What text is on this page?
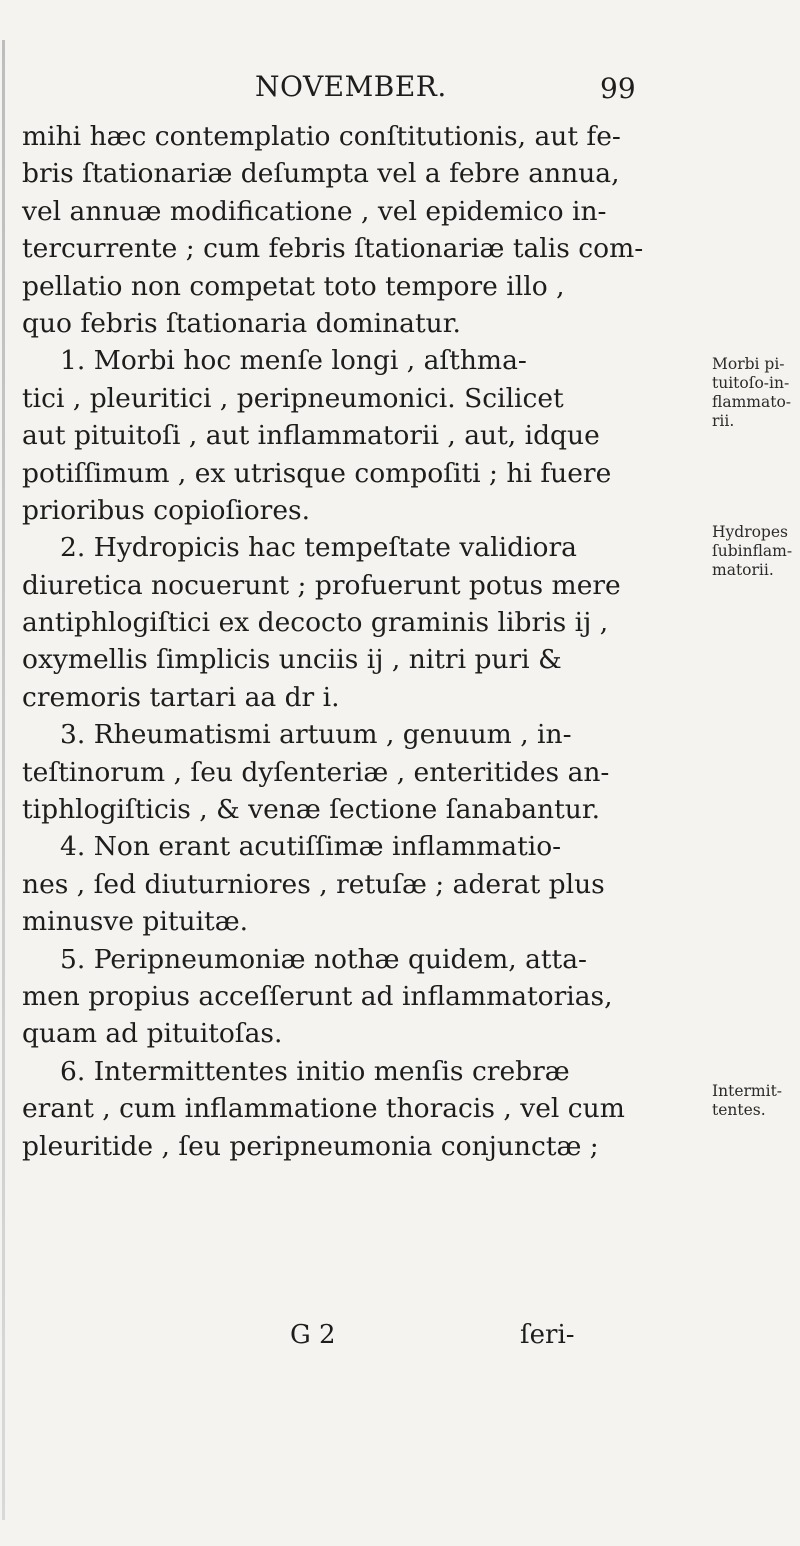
NOVEMBER.	99
mihi hæc contemplatio conſtitutionis, aut fe-
bris ſtationariæ deſumpta vel a febre annua,
vel annuæ modificatione , vel epidemico in-
tercurrente ; cum febris ſtationariæ talis com-
pellatio non competat toto tempore illo ,
quo febris ſtationaria dominatur.
1. Morbi hoc menſe longi , aſthma-
tici , pleuritici , peripneumonici. Scilicet
aut pituitoſi , aut inflammatorii , aut, idque
potiſſimum , ex utrisque compoſiti ; hi fuere
prioribus copioſiores.
2. Hydropicis hac tempeſtate validiora
diuretica nocuerunt ; profuerunt potus mere
antiphlogiſtici ex decocto graminis libris ij ,
oxymellis ſimplicis unciis ij , nitri puri &
cremoris tartari aa dr i.
3. Rheumatismi artuum , genuum , in-
teſtinorum , ſeu dyſenteriæ , enteritides an-
tiphlogiſticis , & venæ ſectione ſanabantur.
4. Non erant acutiſſimæ inflammatio-
nes , ſed diuturniores , retuſæ ; aderat plus
minusve pituitæ.
5. Peripneumoniæ nothæ quidem, atta-
men propius acceſſerunt ad inflammatorias,
quam ad pituitoſas.
6. Intermittentes initio menſis crebræ
erant , cum inflammatione thoracis , vel cum
pleuritide , ſeu peripneumonia conjunctæ ;
Morbi pi-
tuitoſo-in-
flammato-
rii.
Hydropes
ſubinflam-
matorii.
Intermit-
tentes.
G 2	ſeri-
